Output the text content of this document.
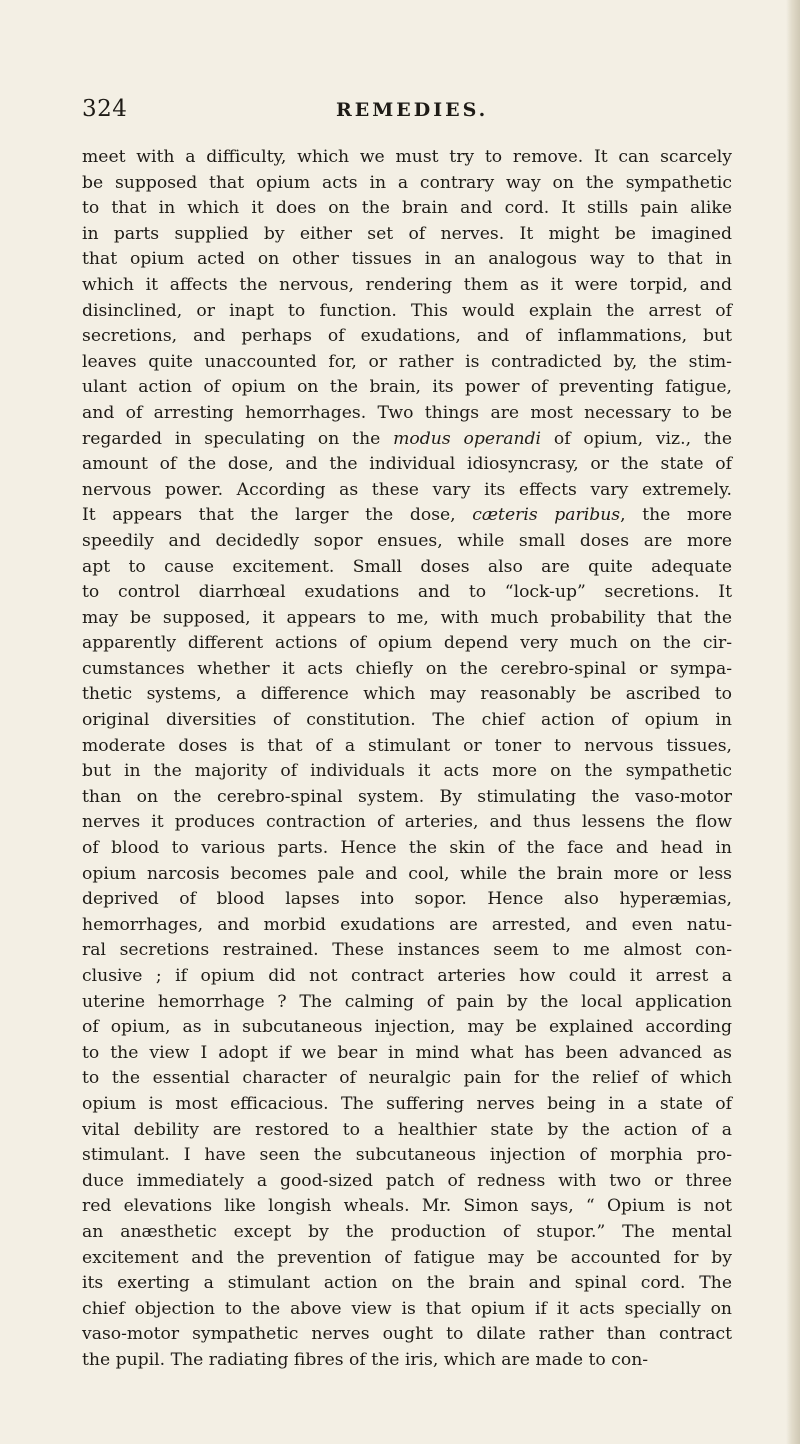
324	REMEDIES.
meet with a difficulty, which we must try to remove. It can scarcely
be supposed that opium acts in a contrary way on the sympathetic
to that in which it does on the brain and cord. It stills pain alike
in parts supplied by either set of nerves. It might be imagined
that opium acted on other tissues in an analogous way to that in
which it affects the nervous, rendering them as it were torpid, and
disinclined, or inapt to function. This would explain the arrest of
secretions, and perhaps of exudations, and of inflammations, but
leaves quite unaccounted for, or rather is contradicted by, the stim-
ulant action of opium on the brain, its power of preventing fatigue,
and of arresting hemorrhages. Two things are most necessary to be
regarded in speculating on the modus operandi of opium, viz., the
amount of the dose, and the individual idiosyncrasy, or the state of
nervous power. According as these vary its effects vary extremely.
It appears that the larger the dose, cæteris paribus, the more
speedily and decidedly sopor ensues, while small doses are more
apt to cause excitement. Small doses also are quite adequate
to control diarrhœal exudations and to “lock-up” secretions. It
may be supposed, it appears to me, with much probability that the
apparently different actions of opium depend very much on the cir-
cumstances whether it acts chiefly on the cerebro-spinal or sympa-
thetic systems, a difference which may reasonably be ascribed to
original diversities of constitution. The chief action of opium in
moderate doses is that of a stimulant or toner to nervous tissues,
but in the majority of individuals it acts more on the sympathetic
than on the cerebro-spinal system. By stimulating the vaso-motor
nerves it produces contraction of arteries, and thus lessens the flow
of blood to various parts. Hence the skin of the face and head in
opium narcosis becomes pale and cool, while the brain more or less
deprived of blood lapses into sopor. Hence also hyperæmias,
hemorrhages, and morbid exudations are arrested, and even natu-
ral secretions restrained. These instances seem to me almost con-
clusive ; if opium did not contract arteries how could it arrest a
uterine hemorrhage ? The calming of pain by the local application
of opium, as in subcutaneous injection, may be explained according
to the view I adopt if we bear in mind what has been advanced as
to the essential character of neuralgic pain for the relief of which
opium is most efficacious. The suffering nerves being in a state of
vital debility are restored to a healthier state by the action of a
stimulant. I have seen the subcutaneous injection of morphia pro-
duce immediately a good-sized patch of redness with two or three
red elevations like longish wheals. Mr. Simon says, “ Opium is not
an anæsthetic except by the production of stupor.” The mental
excitement and the prevention of fatigue may be accounted for by
its exerting a stimulant action on the brain and spinal cord. The
chief objection to the above view is that opium if it acts specially on
vaso-motor sympathetic nerves ought to dilate rather than contract
the pupil. The radiating fibres of the iris, which are made to con-
